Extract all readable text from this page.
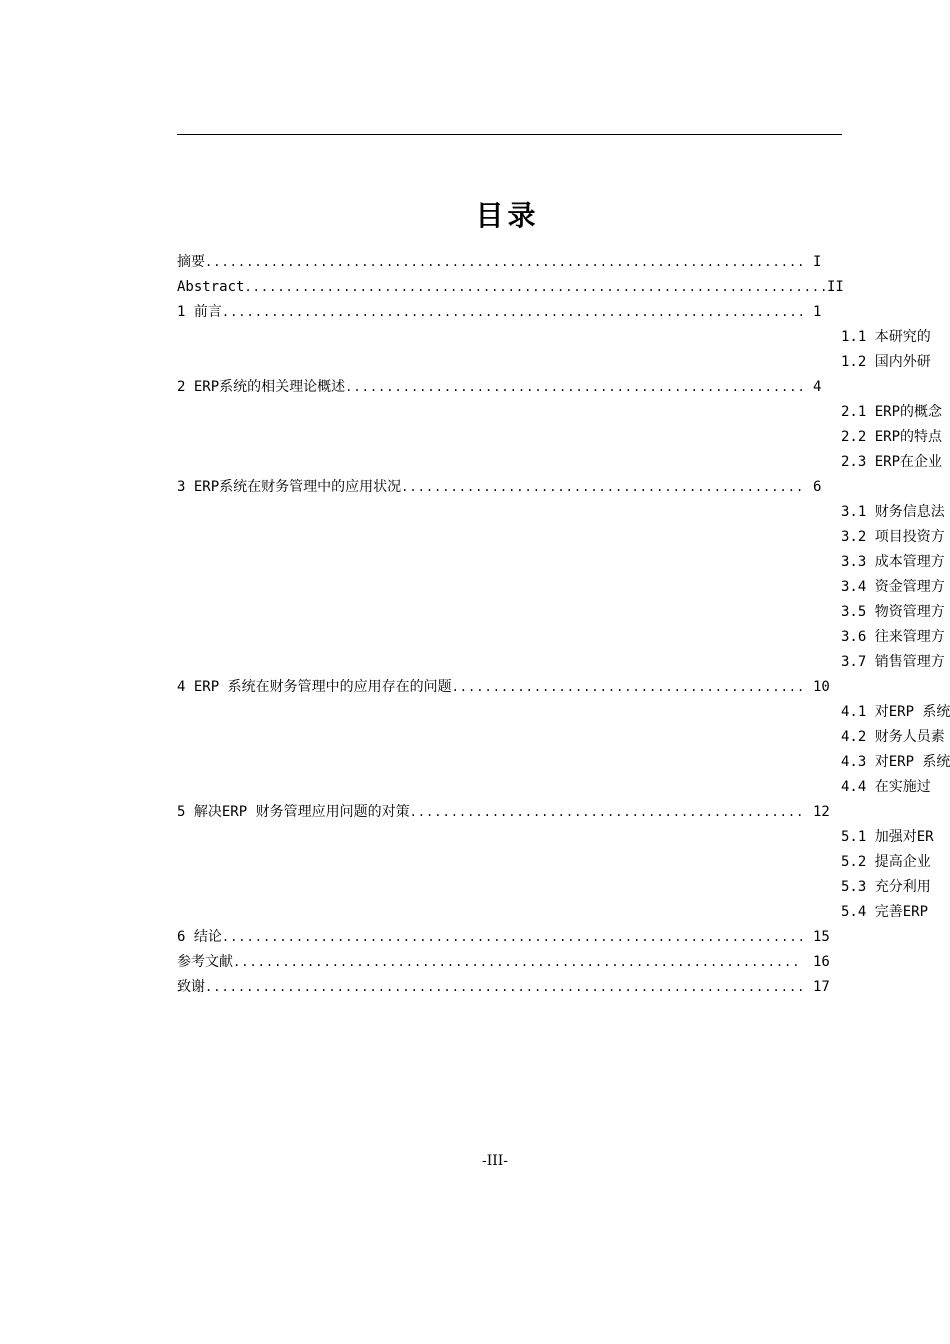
目录
摘要 .....	I
Abstract .....	II
1 前言 .....	1
1.1 本研究的
1.2 国内外研
2 ERP系统的相关理论概述 .....	4
2.1 ERP的概念
2.2 ERP的特点
2.3 ERP在企业
3 ERP系统在财务管理中的应用状况 .....	6
3.1 财务信息法
3.2 项目投资方
3.3 成本管理方
3.4 资金管理方
3.5 物资管理方
3.6 往来管理方
3.7 销售管理方
4 ERP 系统在财务管理中的应用存在的问题 .....	10
4.1 对ERP 系统
4.2 财务人员素
4.3 对ERP 系统
4.4 在实施过
5 解决ERP 财务管理应用问题的对策 .....	12
5.1 加强对ER
5.2 提高企业
5.3 充分利用
5.4 完善ERP
6 结论 .....	15
参考文献 .....	16
致谢 .....	17
-III-
